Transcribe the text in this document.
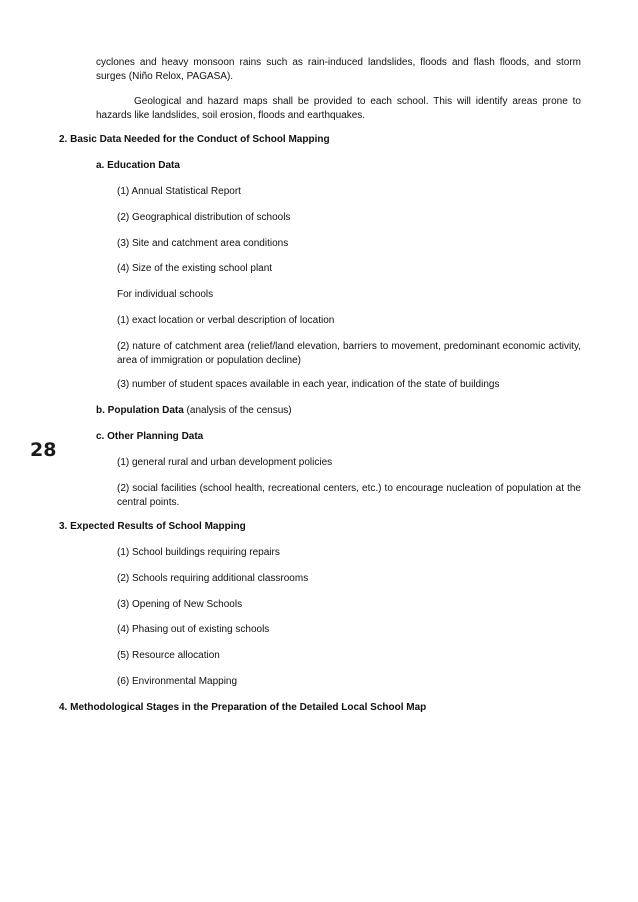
28

cyclones and heavy monsoon rains such as rain-induced landslides, floods and flash floods, and storm surges (Niño Relox, PAGASA).

Geological and hazard maps shall be provided to each school. This will identify areas prone to hazards like landslides, soil erosion, floods and earthquakes.

2. Basic Data Needed for the Conduct of School Mapping
a. Education Data
(1) Annual Statistical Report
(2) Geographical distribution of schools
(3) Site and catchment area conditions
(4) Size of the existing school plant
For individual schools
(1) exact location or verbal description of location
(2) nature of catchment area (relief/land elevation, barriers to movement, predominant economic activity, area of immigration or population decline)
(3) number of student spaces available in each year, indication of the state of buildings
b. Population Data (analysis of the census)
c. Other Planning Data
(1) general rural and urban development policies
(2) social facilities (school health, recreational centers, etc.) to encourage nucleation of population at the central points.
3. Expected Results of School Mapping
(1) School buildings requiring repairs
(2) Schools requiring additional classrooms
(3) Opening of New Schools
(4) Phasing out of existing schools
(5) Resource allocation
(6) Environmental Mapping
4. Methodological Stages in the Preparation of the Detailed Local School Map
